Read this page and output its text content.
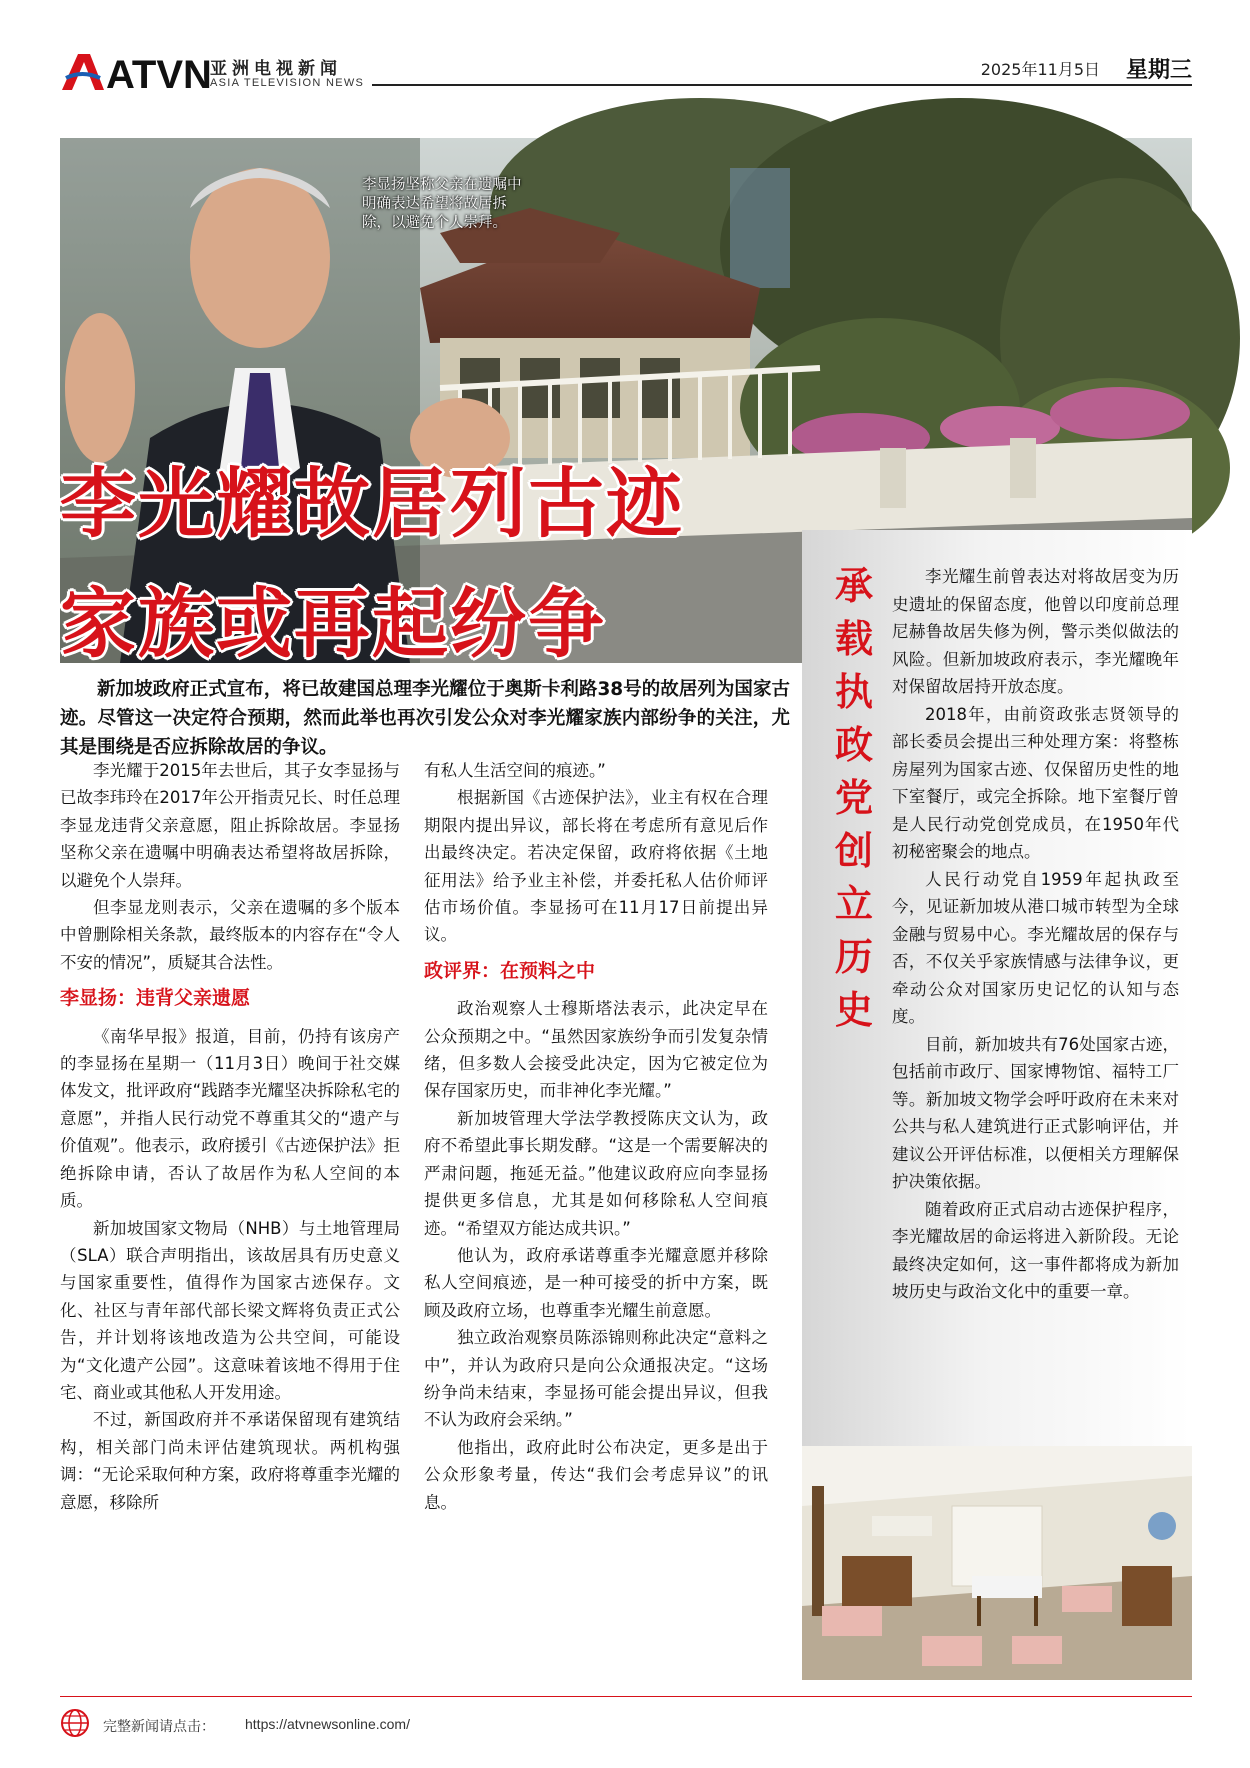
ATVN
亚洲电视新闻
ASIA TELEVISION NEWS
2025年11月5日 星期三
李显扬坚称父亲在遗嘱中明确表达希望将故居拆除，以避免个人崇拜。
李光耀故居列古迹
家族或再起纷争	承载执政党创立历史

李光耀生前曾表达对将故居变为历史遗址的保留态度，他曾以印度前总理尼赫鲁故居失修为例，警示类似做法的风险。但新加坡政府表示，李光耀晚年对保留故居持开放态度。

2018年，由前资政张志贤领导的部长委员会提出三种处理方案：将整栋房屋列为国家古迹、仅保留历史性的地下室餐厅，或完全拆除。地下室餐厅曾是人民行动党创党成员，在1950年代初秘密聚会的地点。

人民行动党自1959年起执政至今，见证新加坡从港口城市转型为全球金融与贸易中心。李光耀故居的保存与否，不仅关乎家族情感与法律争议，更牵动公众对国家历史记忆的认知与态度。

目前，新加坡共有76处国家古迹，包括前市政厅、国家博物馆、福特工厂等。新加坡文物学会呼吁政府在未来对公共与私人建筑进行正式影响评估，并建议公开评估标准，以便相关方理解保护决策依据。

随着政府正式启动古迹保护程序，李光耀故居的命运将进入新阶段。无论最终决定如何，这一事件都将成为新加坡历史与政治文化中的重要一章。

新加坡政府正式宣布，将已故建国总理李光耀位于奥斯卡利路38号的故居列为国家古迹。尽管这一决定符合预期，然而此举也再次引发公众对李光耀家族内部纷争的关注，尤其是围绕是否应拆除故居的争议。

李光耀于2015年去世后，其子女李显扬与已故李玮玲在2017年公开指责兄长、时任总理李显龙违背父亲意愿，阻止拆除故居。李显扬坚称父亲在遗嘱中明确表达希望将故居拆除，以避免个人崇拜。

但李显龙则表示，父亲在遗嘱的多个版本中曾删除相关条款，最终版本的内容存在“令人不安的情况”，质疑其合法性。

李显扬：违背父亲遗愿

《南华早报》报道，目前，仍持有该房产的李显扬在星期一（11月3日）晚间于社交媒体发文，批评政府“践踏李光耀坚决拆除私宅的意愿”，并指人民行动党不尊重其父的“遗产与价值观”。他表示，政府援引《古迹保护法》拒绝拆除申请，否认了故居作为私人空间的本质。

新加坡国家文物局（NHB）与土地管理局（SLA）联合声明指出，该故居具有历史意义与国家重要性，值得作为国家古迹保存。文化、社区与青年部代部长梁文辉将负责正式公告，并计划将该地改造为公共空间，可能设为“文化遗产公园”。这意味着该地不得用于住宅、商业或其他私人开发用途。

不过，新国政府并不承诺保留现有建筑结构，相关部门尚未评估建筑现状。两机构强调：“无论采取何种方案，政府将尊重李光耀的意愿，移除所

有私人生活空间的痕迹。”

根据新国《古迹保护法》，业主有权在合理期限内提出异议，部长将在考虑所有意见后作出最终决定。若决定保留，政府将依据《土地征用法》给予业主补偿，并委托私人估价师评估市场价值。李显扬可在11月17日前提出异议。

政评界：在预料之中

政治观察人士穆斯塔法表示，此决定早在公众预期之中。“虽然因家族纷争而引发复杂情绪，但多数人会接受此决定，因为它被定位为保存国家历史，而非神化李光耀。”

新加坡管理大学法学教授陈庆文认为，政府不希望此事长期发酵。“这是一个需要解决的严肃问题，拖延无益。”他建议政府应向李显扬提供更多信息，尤其是如何移除私人空间痕迹。“希望双方能达成共识。”

他认为，政府承诺尊重李光耀意愿并移除私人空间痕迹，是一种可接受的折中方案，既顾及政府立场，也尊重李光耀生前意愿。

独立政治观察员陈添锦则称此决定“意料之中”，并认为政府只是向公众通报决定。“这场纷争尚未结束，李显扬可能会提出异议，但我不认为政府会采纳。”

他指出，政府此时公布决定，更多是出于公众形象考量，传达“我们会考虑异议”的讯息。

完整新闻请点击： https://atvnewsonline.com/
